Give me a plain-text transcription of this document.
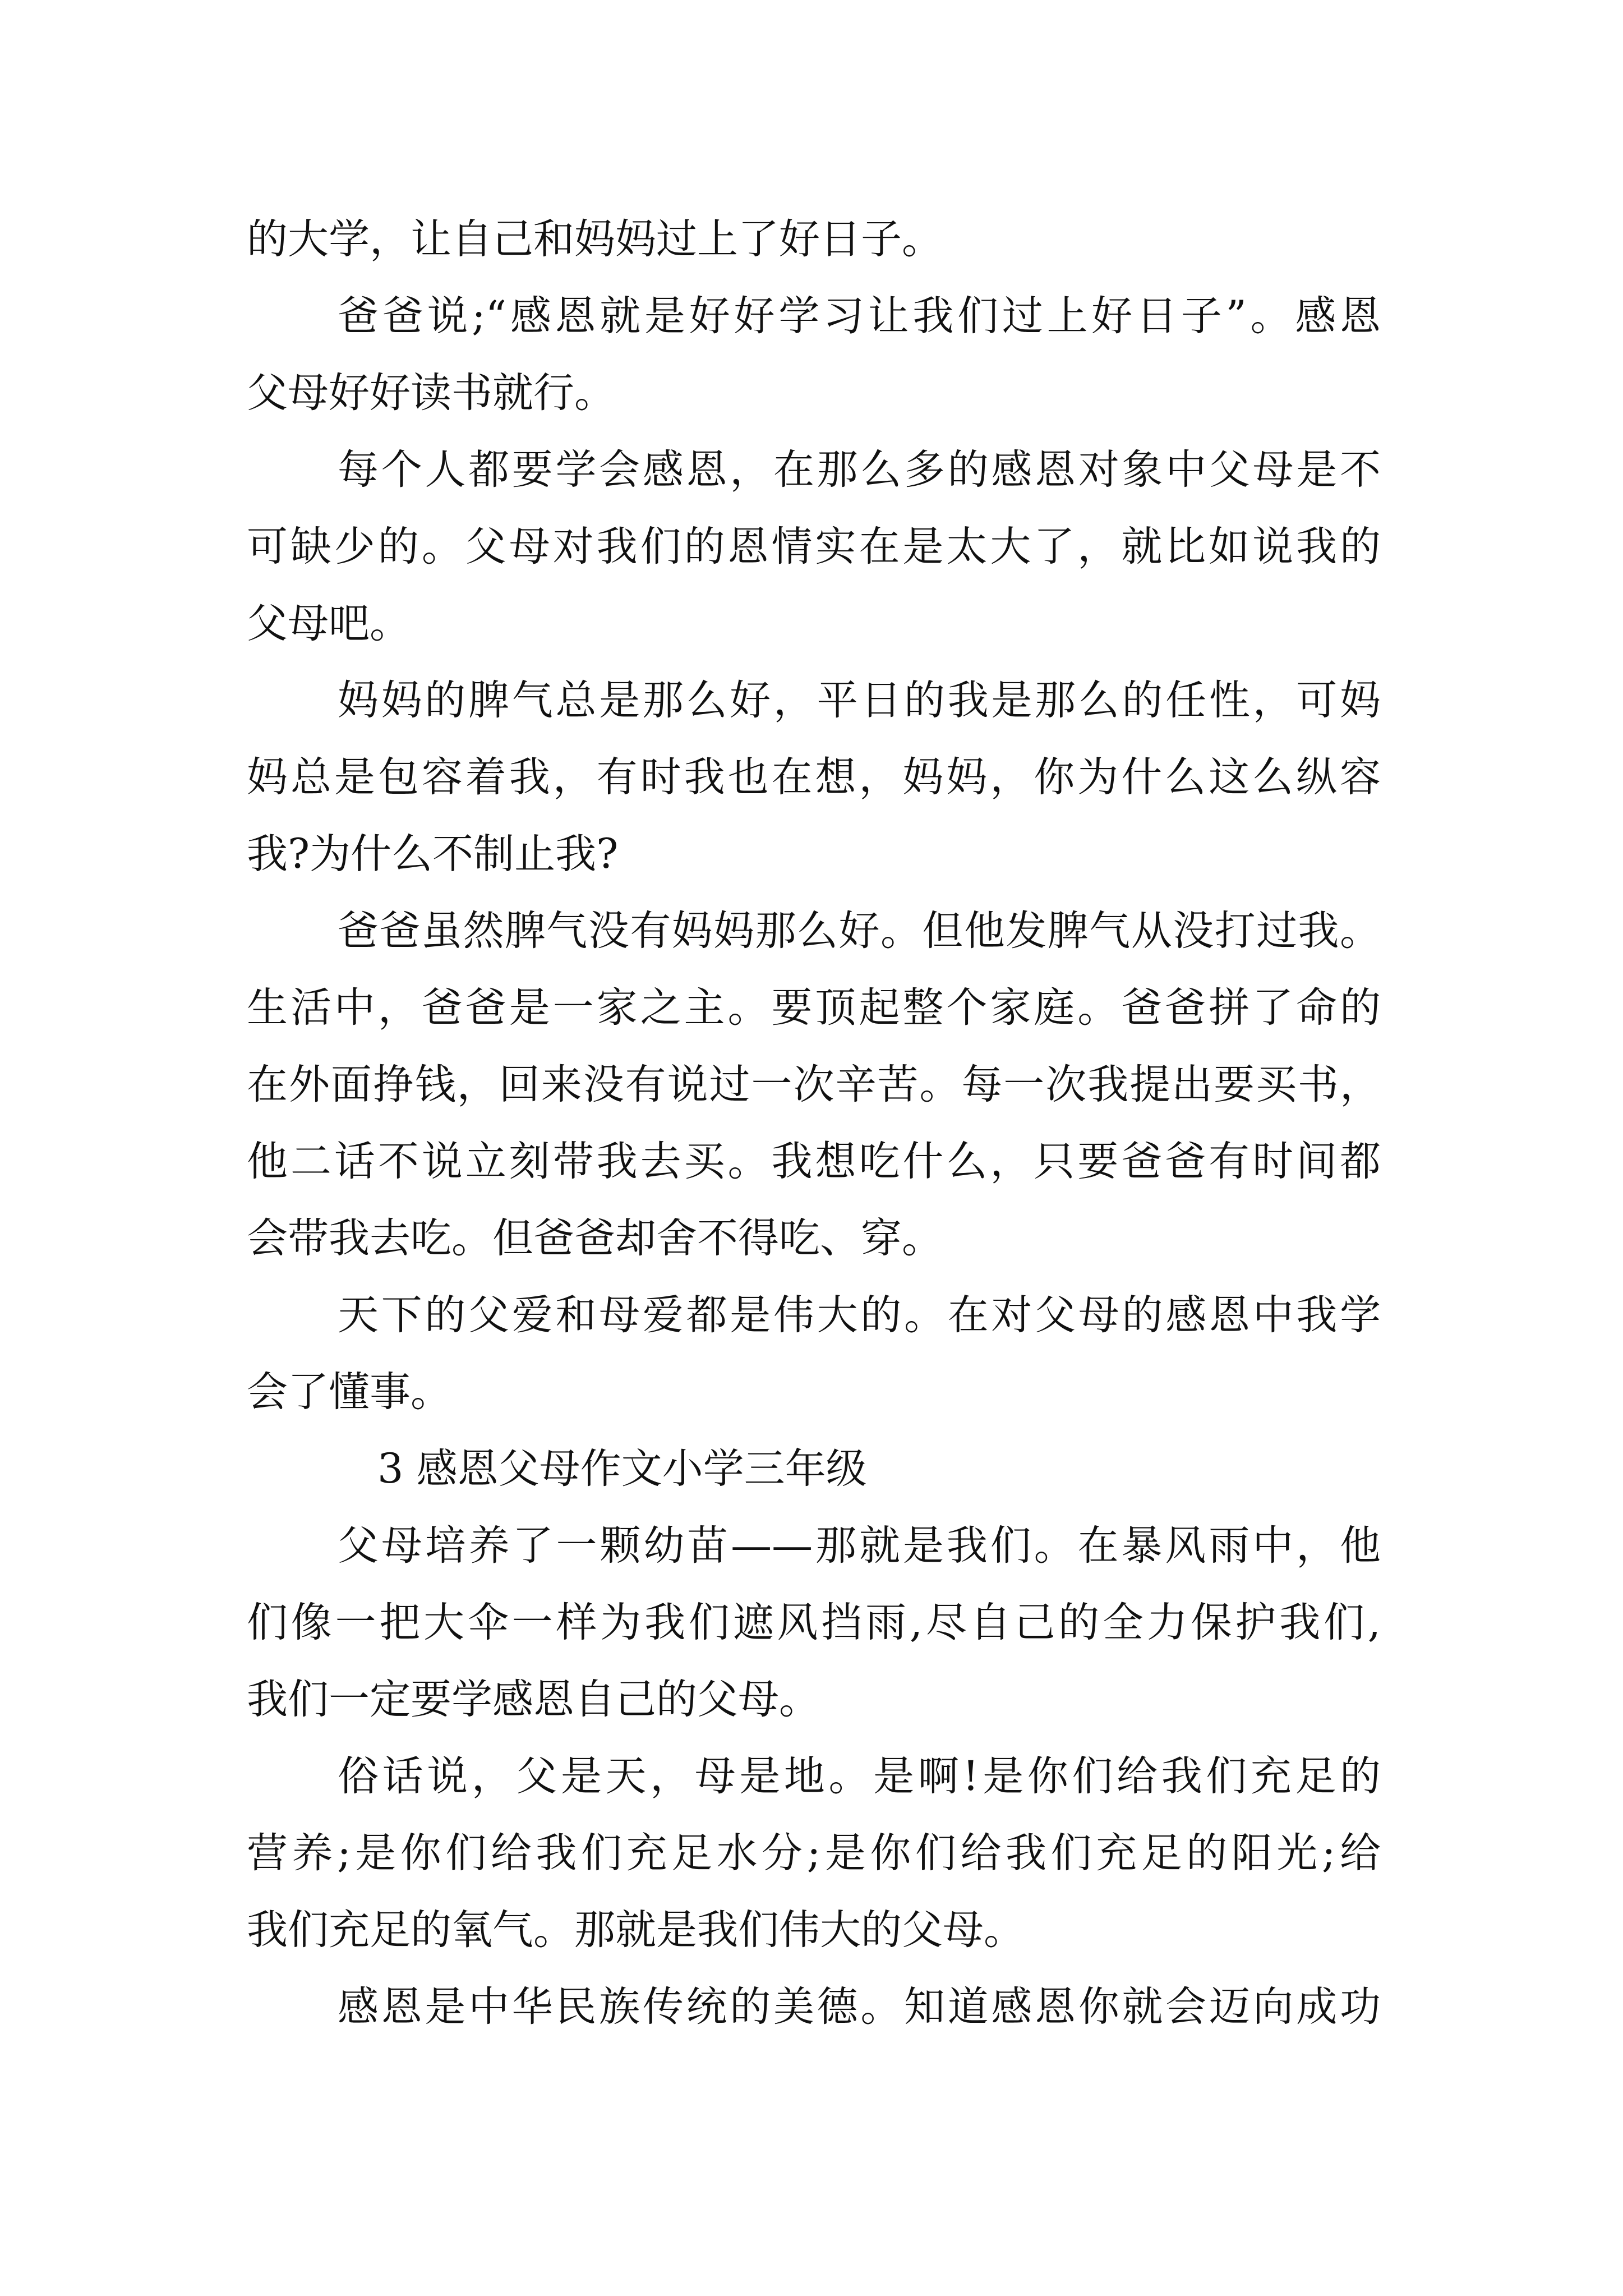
的大学，让自己和妈妈过上了好日子。
爸爸说;“感恩就是好好学习让我们过上好日子”。感恩
父母好好读书就行。
每个人都要学会感恩，在那么多的感恩对象中父母是不
可缺少的。父母对我们的恩情实在是太大了，就比如说我的
父母吧。
妈妈的脾气总是那么好，平日的我是那么的任性，可妈
妈总是包容着我，有时我也在想，妈妈，你为什么这么纵容
我?为什么不制止我?
爸爸虽然脾气没有妈妈那么好。但他发脾气从没打过我。
生活中，爸爸是一家之主。要顶起整个家庭。爸爸拼了命的
在外面挣钱，回来没有说过一次辛苦。每一次我提出要买书，
他二话不说立刻带我去买。我想吃什么，只要爸爸有时间都
会带我去吃。但爸爸却舍不得吃、穿。
天下的父爱和母爱都是伟大的。在对父母的感恩中我学
会了懂事。
3 感恩父母作文小学三年级
父母培养了一颗幼苗——那就是我们。在暴风雨中，他
们像一把大伞一样为我们遮风挡雨,尽自己的全力保护我们,
我们一定要学感恩自己的父母。
俗话说，父是天，母是地。是啊!是你们给我们充足的
营养;是你们给我们充足水分;是你们给我们充足的阳光;给
我们充足的氧气。那就是我们伟大的父母。
感恩是中华民族传统的美德。知道感恩你就会迈向成功
